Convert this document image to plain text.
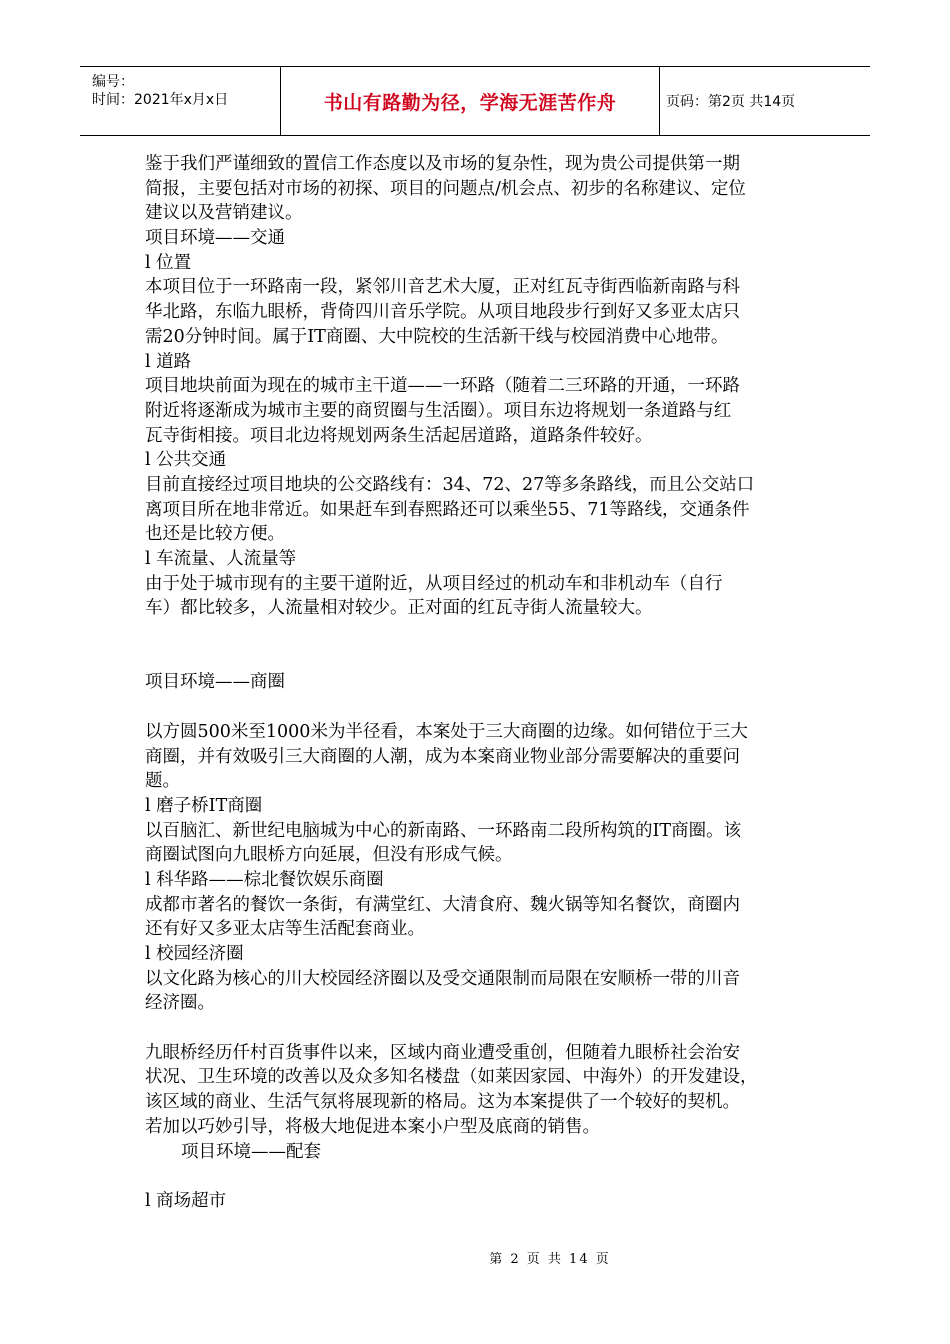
编号：
时间：2021年x月x日	书山有路勤为径，学海无涯苦作舟	页码：第2页 共14页
鉴于我们严谨细致的置信工作态度以及市场的复杂性，现为贵公司提供第一期
简报，主要包括对市场的初探、项目的问题点/机会点、初步的名称建议、定位
建议以及营销建议。
项目环境——交通
l 位置
本项目位于一环路南一段，紧邻川音艺术大厦，正对红瓦寺街西临新南路与科
华北路，东临九眼桥，背倚四川音乐学院。从项目地段步行到好又多亚太店只
需20分钟时间。属于IT商圈、大中院校的生活新干线与校园消费中心地带。
l 道路
项目地块前面为现在的城市主干道——一环路（随着二三环路的开通，一环路
附近将逐渐成为城市主要的商贸圈与生活圈）。项目东边将规划一条道路与红
瓦寺街相接。项目北边将规划两条生活起居道路，道路条件较好。
l 公共交通
目前直接经过项目地块的公交路线有：34、72、27等多条路线，而且公交站口
离项目所在地非常近。如果赶车到春熙路还可以乘坐55、71等路线，交通条件
也还是比较方便。
l 车流量、人流量等
由于处于城市现有的主要干道附近，从项目经过的机动车和非机动车（自行
车）都比较多，人流量相对较少。正对面的红瓦寺街人流量较大。
项目环境——商圈
以方圆500米至1000米为半径看，本案处于三大商圈的边缘。如何错位于三大
商圈，并有效吸引三大商圈的人潮，成为本案商业物业部分需要解决的重要问
题。
l 磨子桥IT商圈
以百脑汇、新世纪电脑城为中心的新南路、一环路南二段所构筑的IT商圈。该
商圈试图向九眼桥方向延展，但没有形成气候。
l 科华路——棕北餐饮娱乐商圈
成都市著名的餐饮一条街，有满堂红、大清食府、魏火锅等知名餐饮，商圈内
还有好又多亚太店等生活配套商业。
l 校园经济圈
以文化路为核心的川大校园经济圈以及受交通限制而局限在安顺桥一带的川音
经济圈。
九眼桥经历仟村百货事件以来，区域内商业遭受重创，但随着九眼桥社会治安
状况、卫生环境的改善以及众多知名楼盘（如莱因家园、中海外）的开发建设，
该区域的商业、生活气氛将展现新的格局。这为本案提供了一个较好的契机。
若加以巧妙引导，将极大地促进本案小户型及底商的销售。
项目环境——配套
l 商场超市
第 2 页 共 14 页
